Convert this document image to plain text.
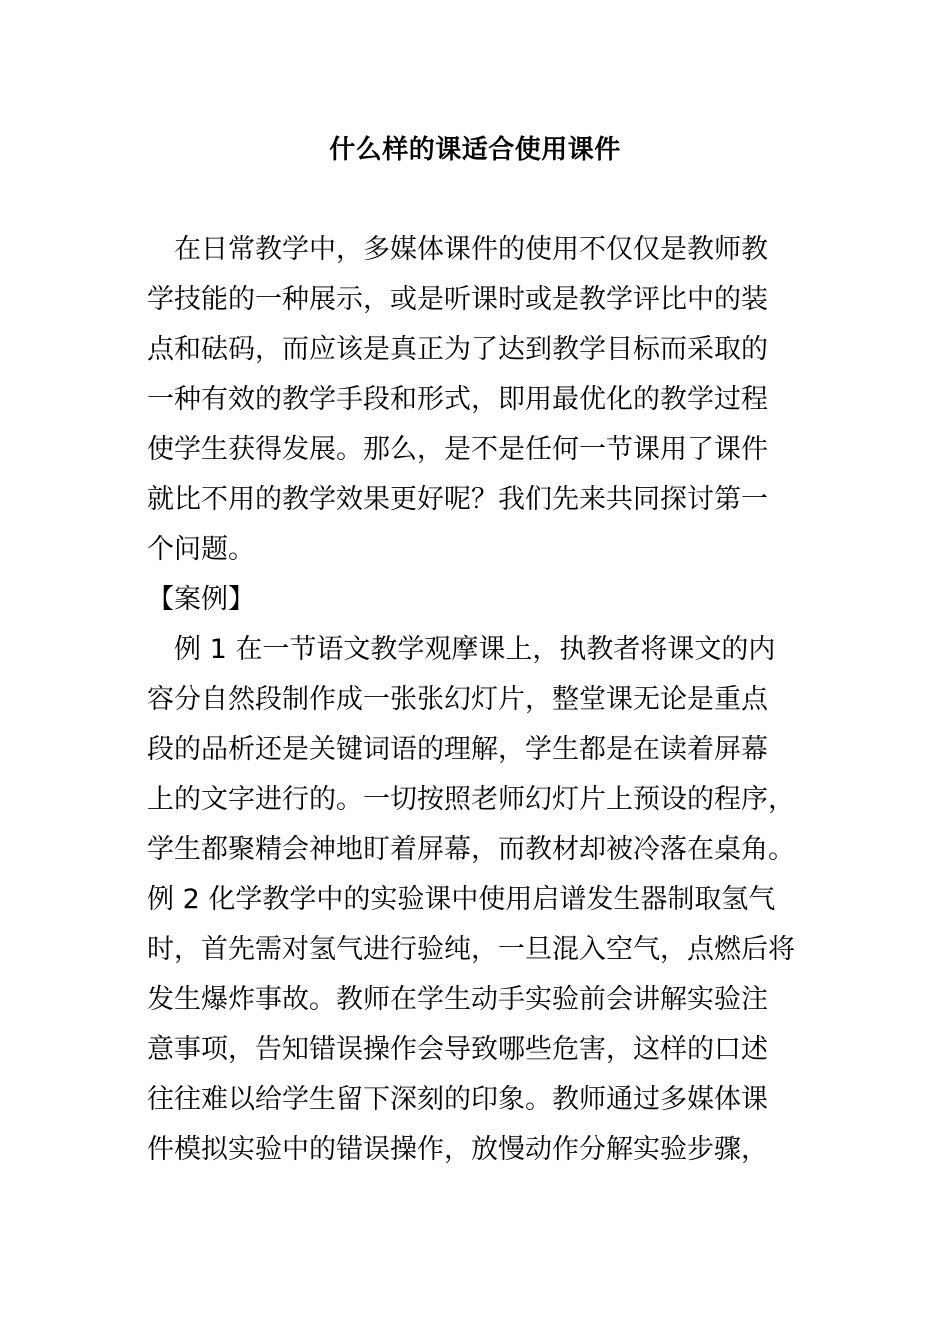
什么样的课适合使用课件
　在日常教学中，多媒体课件的使用不仅仅是教师教
学技能的一种展示，或是听课时或是教学评比中的装
点和砝码，而应该是真正为了达到教学目标而采取的
一种有效的教学手段和形式，即用最优化的教学过程
使学生获得发展。那么，是不是任何一节课用了课件
就比不用的教学效果更好呢？我们先来共同探讨第一
个问题。
【案例】
　例 1 在一节语文教学观摩课上，执教者将课文的内
容分自然段制作成一张张幻灯片，整堂课无论是重点
段的品析还是关键词语的理解，学生都是在读着屏幕
上的文字进行的。一切按照老师幻灯片上预设的程序，
学生都聚精会神地盯着屏幕，而教材却被冷落在桌角。
例 2 化学教学中的实验课中使用启谱发生器制取氢气
时，首先需对氢气进行验纯，一旦混入空气，点燃后将
发生爆炸事故。教师在学生动手实验前会讲解实验注
意事项，告知错误操作会导致哪些危害，这样的口述
往往难以给学生留下深刻的印象。教师通过多媒体课
件模拟实验中的错误操作，放慢动作分解实验步骤，
